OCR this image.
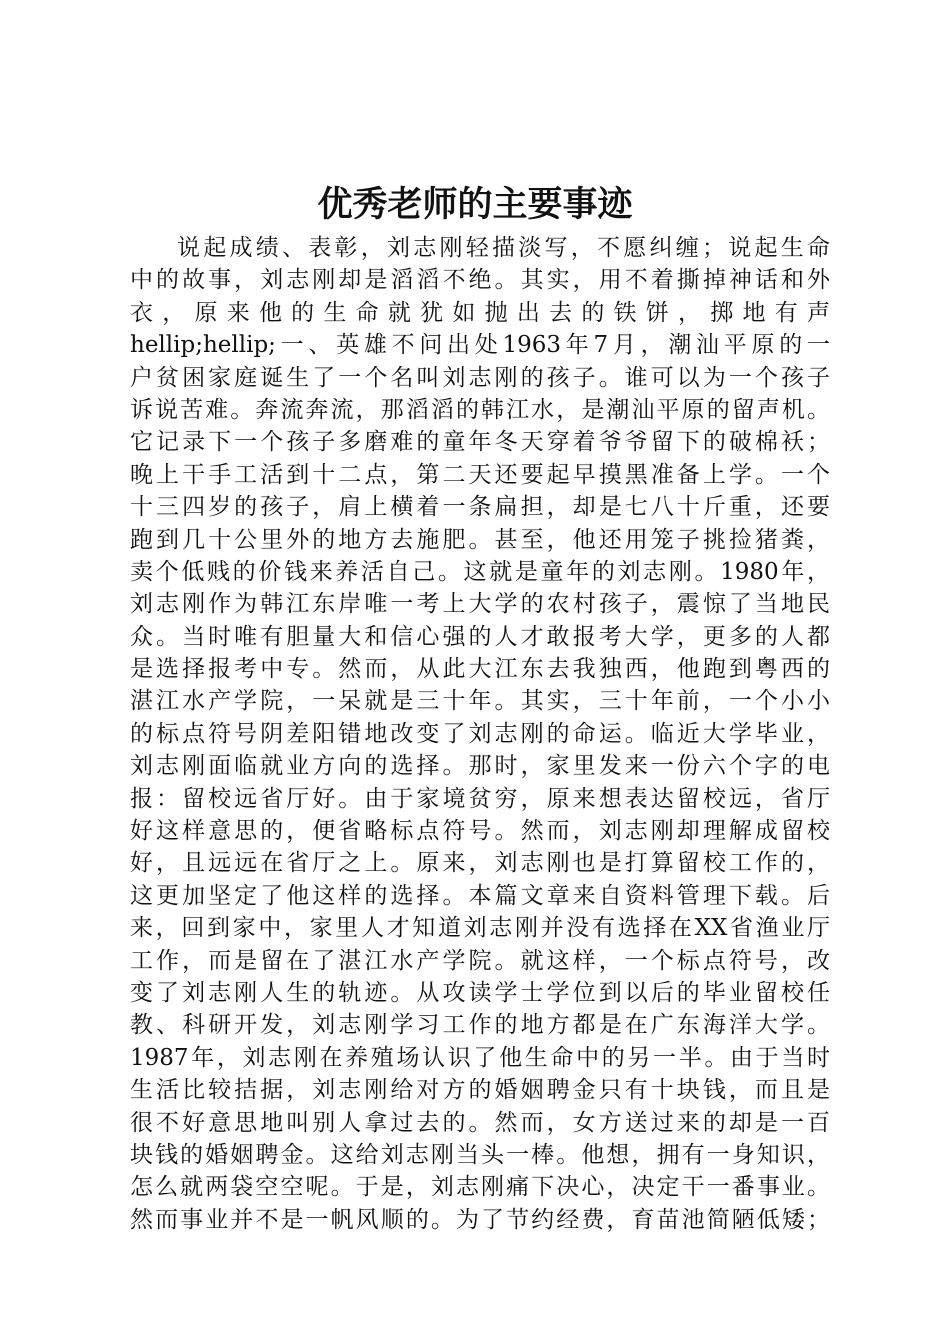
优秀老师的主要事迹
说起成绩、表彰，刘志刚轻描淡写，不愿纠缠；说起生命
中的故事，刘志刚却是滔滔不绝。其实，用不着撕掉神话和外
衣 ， 原 来 他 的 生 命 就 犹 如 抛 出 去 的 铁 饼 ， 掷 地 有 声
hellip;hellip;一、英雄不问出处1963年7月，潮汕平原的一
户贫困家庭诞生了一个名叫刘志刚的孩子。谁可以为一个孩子
诉说苦难。奔流奔流，那滔滔的韩江水，是潮汕平原的留声机。
它记录下一个孩子多磨难的童年冬天穿着爷爷留下的破棉袄；
晚上干手工活到十二点，第二天还要起早摸黑准备上学。一个
十三四岁的孩子，肩上横着一条扁担，却是七八十斤重，还要
跑到几十公里外的地方去施肥。甚至，他还用笼子挑捡猪粪，
卖个低贱的价钱来养活自己。这就是童年的刘志刚。1980年，
刘志刚作为韩江东岸唯一考上大学的农村孩子，震惊了当地民
众。当时唯有胆量大和信心强的人才敢报考大学，更多的人都
是选择报考中专。然而，从此大江东去我独西，他跑到粤西的
湛江水产学院，一呆就是三十年。其实，三十年前，一个小小
的标点符号阴差阳错地改变了刘志刚的命运。临近大学毕业，
刘志刚面临就业方向的选择。那时，家里发来一份六个字的电
报：留校远省厅好。由于家境贫穷，原来想表达留校远，省厅
好这样意思的，便省略标点符号。然而，刘志刚却理解成留校
好，且远远在省厅之上。原来，刘志刚也是打算留校工作的，
这更加坚定了他这样的选择。本篇文章来自资料管理下载。后
来，回到家中，家里人才知道刘志刚并没有选择在XX省渔业厅
工作，而是留在了湛江水产学院。就这样，一个标点符号，改
变了刘志刚人生的轨迹。从攻读学士学位到以后的毕业留校任
教、科研开发，刘志刚学习工作的地方都是在广东海洋大学。
1987年，刘志刚在养殖场认识了他生命中的另一半。由于当时
生活比较拮据，刘志刚给对方的婚姻聘金只有十块钱，而且是
很不好意思地叫别人拿过去的。然而，女方送过来的却是一百
块钱的婚姻聘金。这给刘志刚当头一棒。他想，拥有一身知识，
怎么就两袋空空呢。于是，刘志刚痛下决心，决定干一番事业。
然而事业并不是一帆风顺的。为了节约经费，育苗池简陋低矮；
